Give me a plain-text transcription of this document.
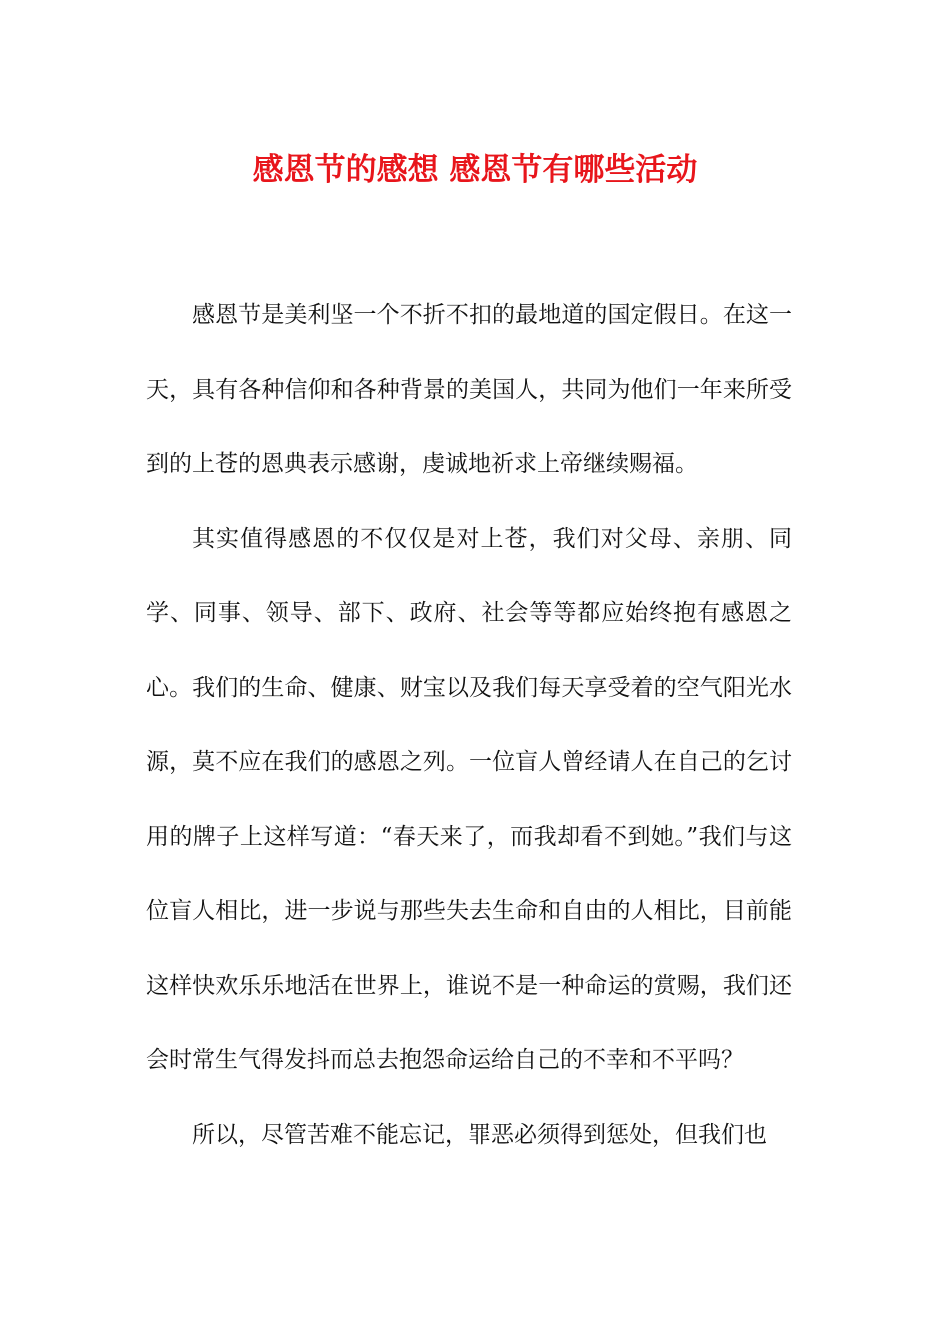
感恩节的感想 感恩节有哪些活动

感恩节是美利坚一个不折不扣的最地道的国定假日。在这一天，具有各种信仰和各种背景的美国人，共同为他们一年来所受到的上苍的恩典表示感谢，虔诚地祈求上帝继续赐福。

其实值得感恩的不仅仅是对上苍，我们对父母、亲朋、同学、同事、领导、部下、政府、社会等等都应始终抱有感恩之心。我们的生命、健康、财宝以及我们每天享受着的空气阳光水源，莫不应在我们的感恩之列。一位盲人曾经请人在自己的乞讨用的牌子上这样写道：“春天来了，而我却看不到她。”我们与这位盲人相比，进一步说与那些失去生命和自由的人相比，目前能这样快欢乐乐地活在世界上，谁说不是一种命运的赏赐，我们还会时常生气得发抖而总去抱怨命运给自己的不幸和不平吗？

所以，尽管苦难不能忘记，罪恶必须得到惩处，但我们也
